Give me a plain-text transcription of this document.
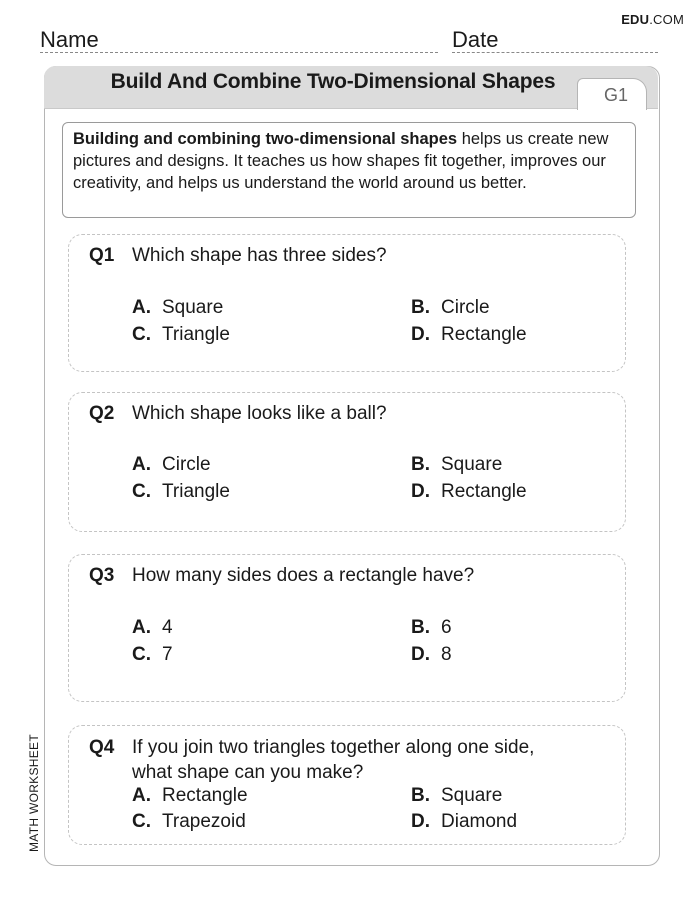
EDU.COM
Name	Date
Build And Combine Two-Dimensional Shapes
G1
Building and combining two-dimensional shapes helps us create new pictures and designs. It teaches us how shapes fit together, improves our creativity, and helps us understand the world around us better.
Q1 Which shape has three sides?
A. Square	B. Circle
C. Triangle	D. Rectangle
Q2 Which shape looks like a ball?
A. Circle	B. Square
C. Triangle	D. Rectangle
Q3 How many sides does a rectangle have?
A. 4	B. 6
C. 7	D. 8
Q4 If you join two triangles together along one side,
what shape can you make?
A. Rectangle	B. Square
C. Trapezoid	D. Diamond
MATH WORKSHEET
